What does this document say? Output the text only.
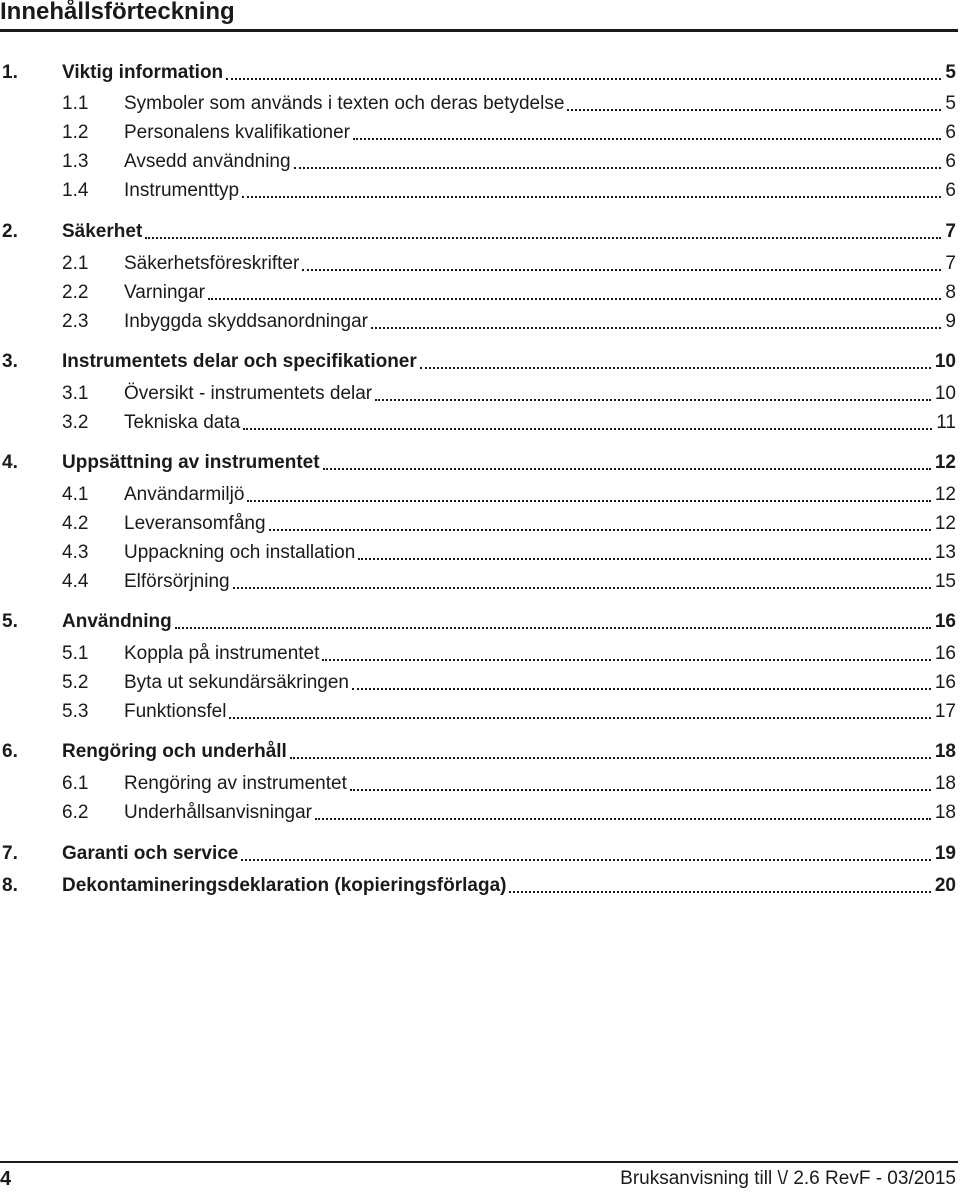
Innehållsförteckning
1.	Viktig information	5
1.1	Symboler som används i texten och deras betydelse	5
1.2	Personalens kvalifikationer	6
1.3	Avsedd användning	6
1.4	Instrumenttyp	6
2.	Säkerhet	7
2.1	Säkerhetsföreskrifter	7
2.2	Varningar	8
2.3	Inbyggda skyddsanordningar	9
3.	Instrumentets delar och specifikationer	10
3.1	Översikt - instrumentets delar	10
3.2	Tekniska data	11
4.	Uppsättning av instrumentet	12
4.1	Användarmiljö	12
4.2	Leveransomfång	12
4.3	Uppackning och installation	13
4.4	Elförsörjning	15
5.	Användning	16
5.1	Koppla på instrumentet	16
5.2	Byta ut sekundärsäkringen	16
5.3	Funktionsfel	17
6.	Rengöring och underhåll	18
6.1	Rengöring av instrumentet	18
6.2	Underhållsanvisningar	18
7.	Garanti och service	19
8.	Dekontamineringsdeklaration (kopieringsförlaga)	20
4	Bruksanvisning till \/ 2.6 RevF - 03/2015
